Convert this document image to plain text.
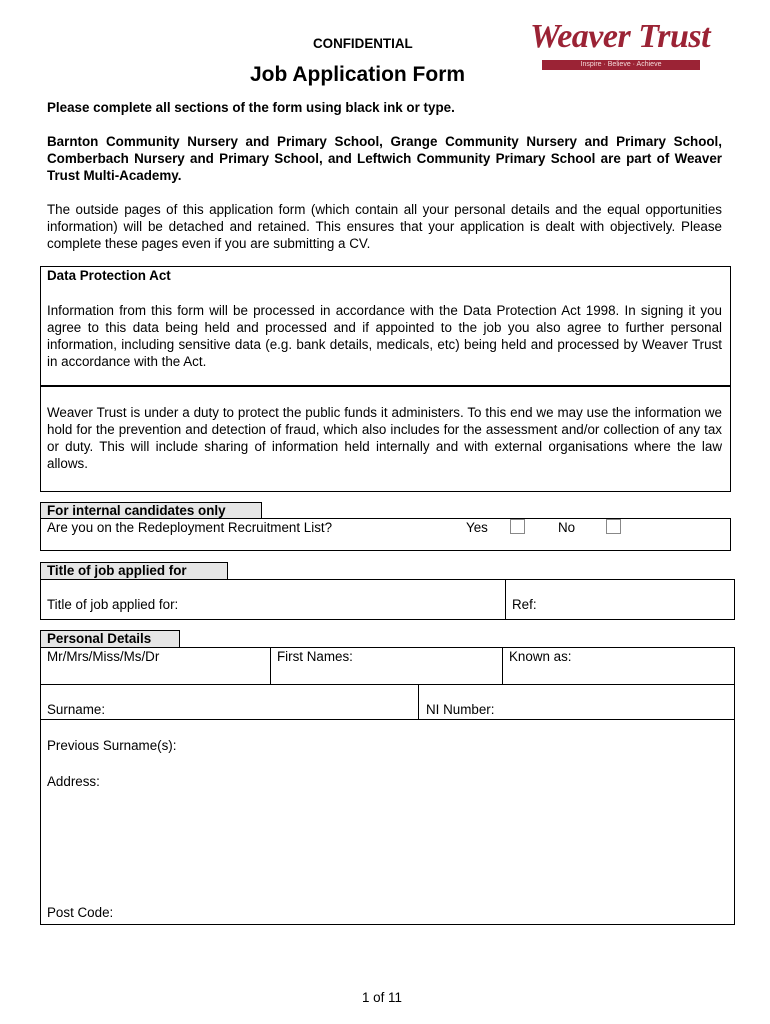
CONFIDENTIAL
Job Application Form
Weaver Trust
Inspire · Believe · Achieve
Please complete all sections of the form using black ink or type.
Barnton Community Nursery and Primary School, Grange Community Nursery and Primary School, Comberbach Nursery and Primary School, and Leftwich Community Primary School are part of Weaver Trust Multi-Academy.
The outside pages of this application form (which contain all your personal details and the equal opportunities information) will be detached and retained. This ensures that your application is dealt with objectively. Please complete these pages even if you are submitting a CV.
Data Protection Act
Information from this form will be processed in accordance with the Data Protection Act 1998. In signing it you agree to this data being held and processed and if appointed to the job you also agree to further personal information, including sensitive data (e.g. bank details, medicals, etc) being held and processed by Weaver Trust in accordance with the Act.
Weaver Trust is under a duty to protect the public funds it administers. To this end we may use the information we hold for the prevention and detection of fraud, which also includes for the assessment and/or collection of any tax or duty. This will include sharing of information held internally and with external organisations where the law allows.
For internal candidates only
Are you on the Redeployment Recruitment List?	Yes	No
Title of job applied for
Title of job applied for:	Ref:
Personal Details
Mr/Mrs/Miss/Ms/Dr	First Names:	Known as:
Surname:	NI Number:
Previous Surname(s):
Address:
Post Code:
1 of 11
